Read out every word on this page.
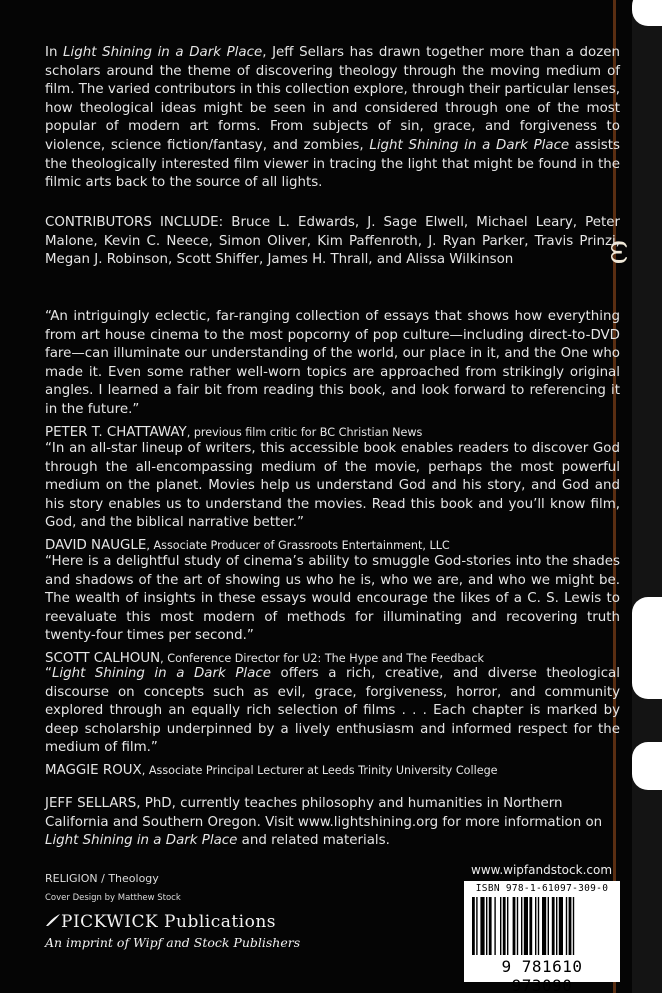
ω

In Light Shining in a Dark Place, Jeff Sellars has drawn together more than a dozen scholars around the theme of discovering theology through the moving medium of film. The varied contributors in this collection explore, through their particular lenses, how theological ideas might be seen in and considered through one of the most popular of modern art forms. From subjects of sin, grace, and forgiveness to violence, science fiction/fantasy, and zombies, Light Shining in a Dark Place assists the theologically interested film viewer in tracing the light that might be found in the filmic arts back to the source of all lights.

CONTRIBUTORS INCLUDE: Bruce L. Edwards, J. Sage Elwell, Michael Leary, Peter Malone, Kevin C. Neece, Simon Oliver, Kim Paffenroth, J. Ryan Parker, Travis Prinzi, Megan J. Robinson, Scott Shiffer, James H. Thrall, and Alissa Wilkinson

“An intriguingly eclectic, far-ranging collection of essays that shows how everything from art house cinema to the most popcorny of pop culture—including direct-to-DVD fare—can illuminate our understanding of the world, our place in it, and the One who made it. Even some rather well-worn topics are approached from strikingly original angles. I learned a fair bit from reading this book, and look forward to referencing it in the future.”

PETER T. CHATTAWAY, previous film critic for BC Christian News

“In an all-star lineup of writers, this accessible book enables readers to discover God through the all-encompassing medium of the movie, perhaps the most powerful medium on the planet. Movies help us understand God and his story, and God and his story enables us to understand the movies. Read this book and you’ll know film, God, and the biblical narrative better.”

DAVID NAUGLE, Associate Producer of Grassroots Entertainment, LLC

“Here is a delightful study of cinema’s ability to smuggle God-stories into the shades and shadows of the art of showing us who he is, who we are, and who we might be. The wealth of insights in these essays would encourage the likes of a C. S. Lewis to reevaluate this most modern of methods for illuminating and recovering truth twenty-four times per second.”

SCOTT CALHOUN, Conference Director for U2: The Hype and The Feedback

“Light Shining in a Dark Place offers a rich, creative, and diverse theological discourse on concepts such as evil, grace, forgiveness, horror, and community explored through an equally rich selection of films . . . Each chapter is marked by deep scholarship underpinned by a lively enthusiasm and informed respect for the medium of film.”

MAGGIE ROUX, Associate Principal Lecturer at Leeds Trinity University College

JEFF SELLARS, PhD, currently teaches philosophy and humanities in Northern California and Southern Oregon. Visit www.lightshining.org for more information on Light Shining in a Dark Place and related materials.

RELIGION / Theology
Cover Design by Matthew Stock
PICKWICK Publications
An imprint of Wipf and Stock Publishers
www.wipfandstock.com
ISBN 978-1-61097-309-0
9 781610 973090
